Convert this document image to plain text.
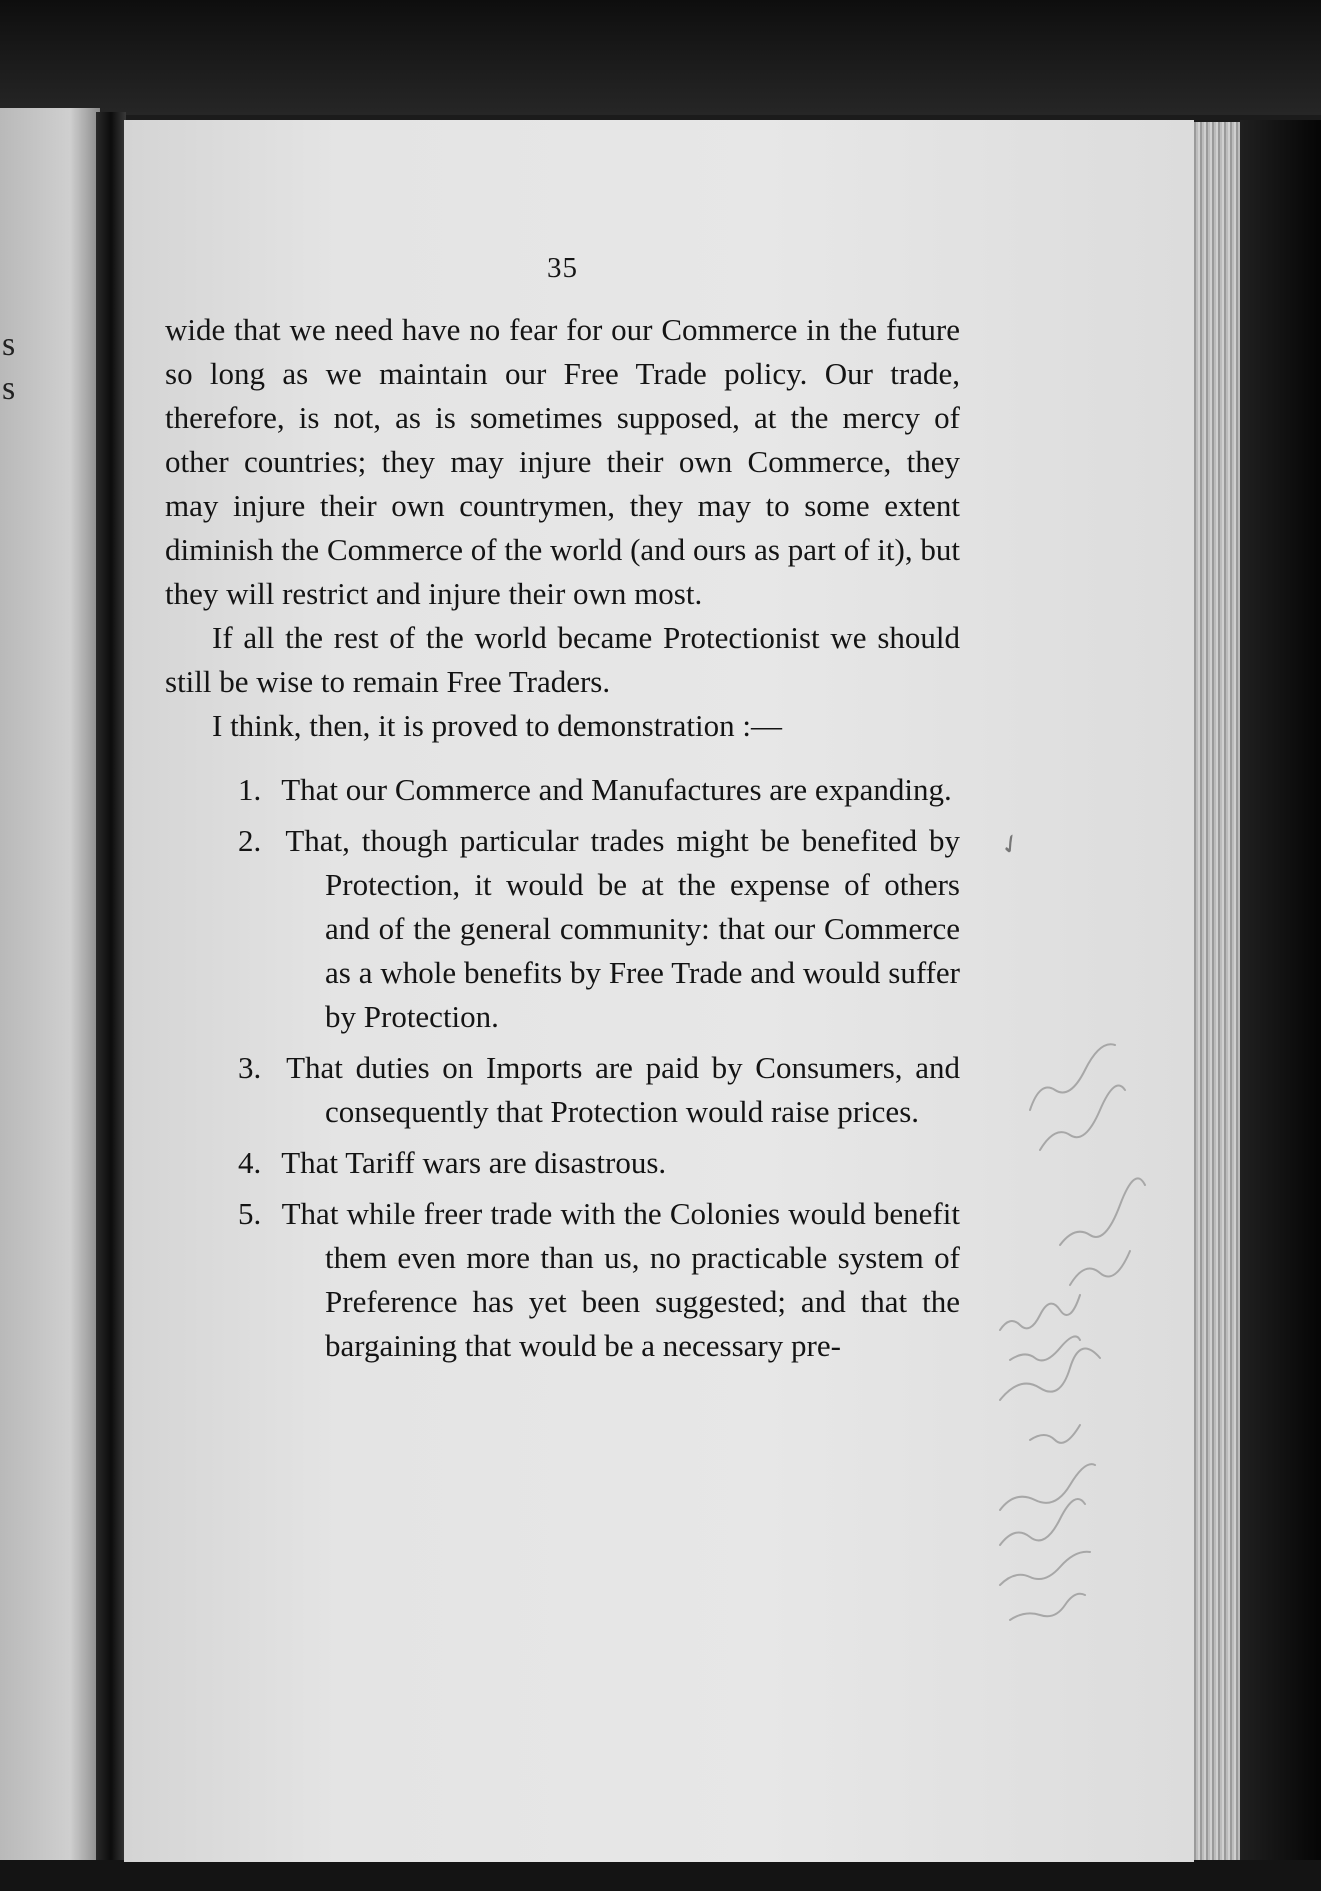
s
s
35

wide that we need have no fear for our Commerce in the future so long as we maintain our Free Trade policy. Our trade, therefore, is not, as is sometimes supposed, at the mercy of other countries; they may injure their own Commerce, they may injure their own countrymen, they may to some extent diminish the Commerce of the world (and ours as part of it), but they will restrict and injure their own most.

If all the rest of the world became Protectionist we should still be wise to remain Free Traders.

I think, then, it is proved to demonstration :—

1. That our Commerce and Manufactures are expanding.
2. That, though particular trades might be benefited by Protection, it would be at the expense of others and of the general community: that our Commerce as a whole benefits by Free Trade and would suffer by Protection.
3. That duties on Imports are paid by Consumers, and consequently that Protection would raise prices.
4. That Tariff wars are disastrous.
5. That while freer trade with the Colonies would benefit them even more than us, no practicable system of Preference has yet been suggested; and that the bargaining that would be a necessary pre-
✓
